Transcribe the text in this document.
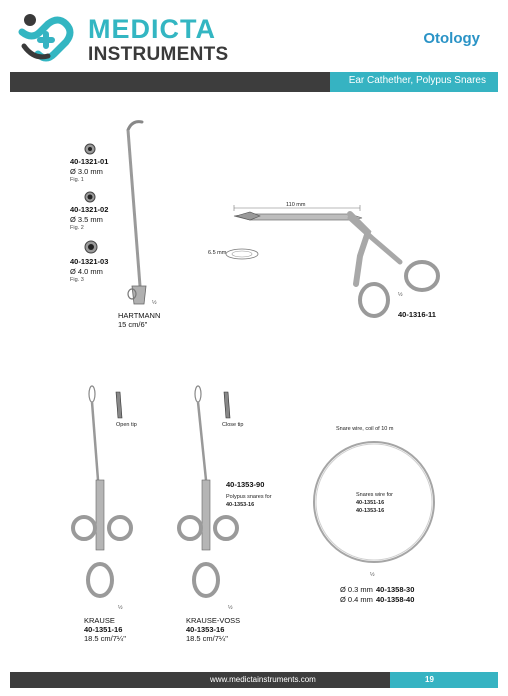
MEDICTA
INSTRUMENTS
Otology
Ear Cathether, Polypus Snares
40-1321-01
Ø 3.0 mm
Fig. 1
40-1321-02
Ø 3.5 mm
Fig. 2
40-1321-03
Ø 4.0 mm
Fig. 3
½
HARTMANN
15 cm/6"
110 mm
6.5 mm
½
40-1316-11
Open tip
½
KRAUSE
40-1351-16
18.5 cm/7¼"
Close tip
40-1353-90
Polypus snares for
40-1353-16
½
KRAUSE-VOSS
40-1353-16
18.5 cm/7¼"
Snare wire, coil of 10 m
Snares wire for
40-1351-16
40-1353-16
½
Ø 0.3 mm 40-1358-30
Ø 0.4 mm 40-1358-40
www.medictainstruments.com	19
